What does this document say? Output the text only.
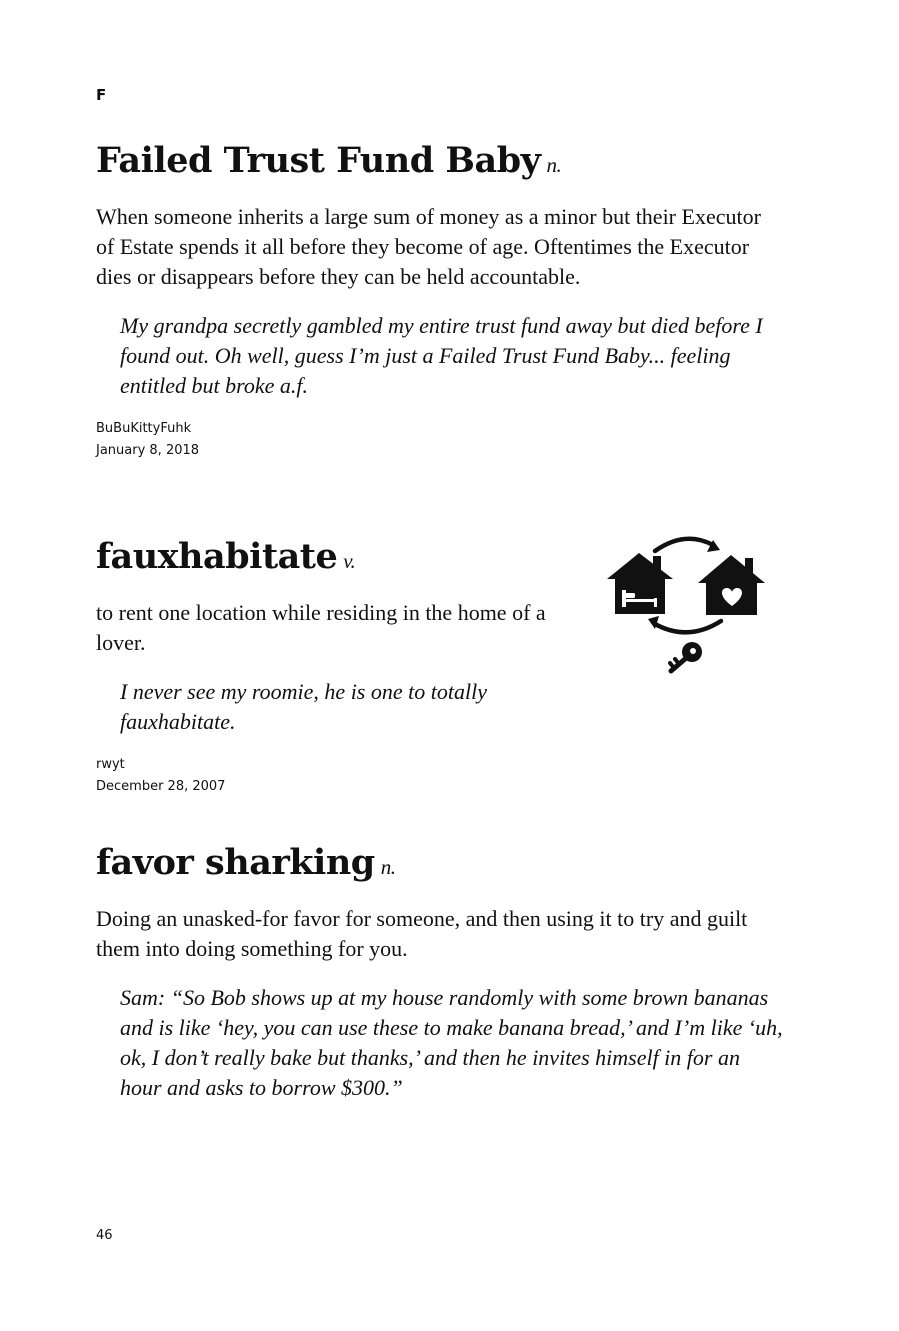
F
Failed Trust Fund Baby n.

When someone inherits a large sum of money as a minor but their Executor of Estate spends it all before they become of age. Oftentimes the Executor dies or disappears before they can be held accountable.

My grandpa secretly gambled my entire trust fund away but died before I found out. Oh well, guess I’m just a Failed Trust Fund Baby... feeling entitled but broke a.f.

BuBuKittyFuhk
January 8, 2018
fauxhabitate v.

to rent one location while residing in the home of a lover.

I never see my roomie, he is one to totally fauxhabitate.

rwyt
December 28, 2007
favor sharking n.

Doing an unasked-for favor for someone, and then using it to try and guilt them into doing something for you.

Sam: “So Bob shows up at my house randomly with some brown bananas and is like ‘hey, you can use these to make banana bread,’ and I’m like ‘uh, ok, I don’t really bake but thanks,’ and then he invites himself in for an hour and asks to borrow $300.”

46
